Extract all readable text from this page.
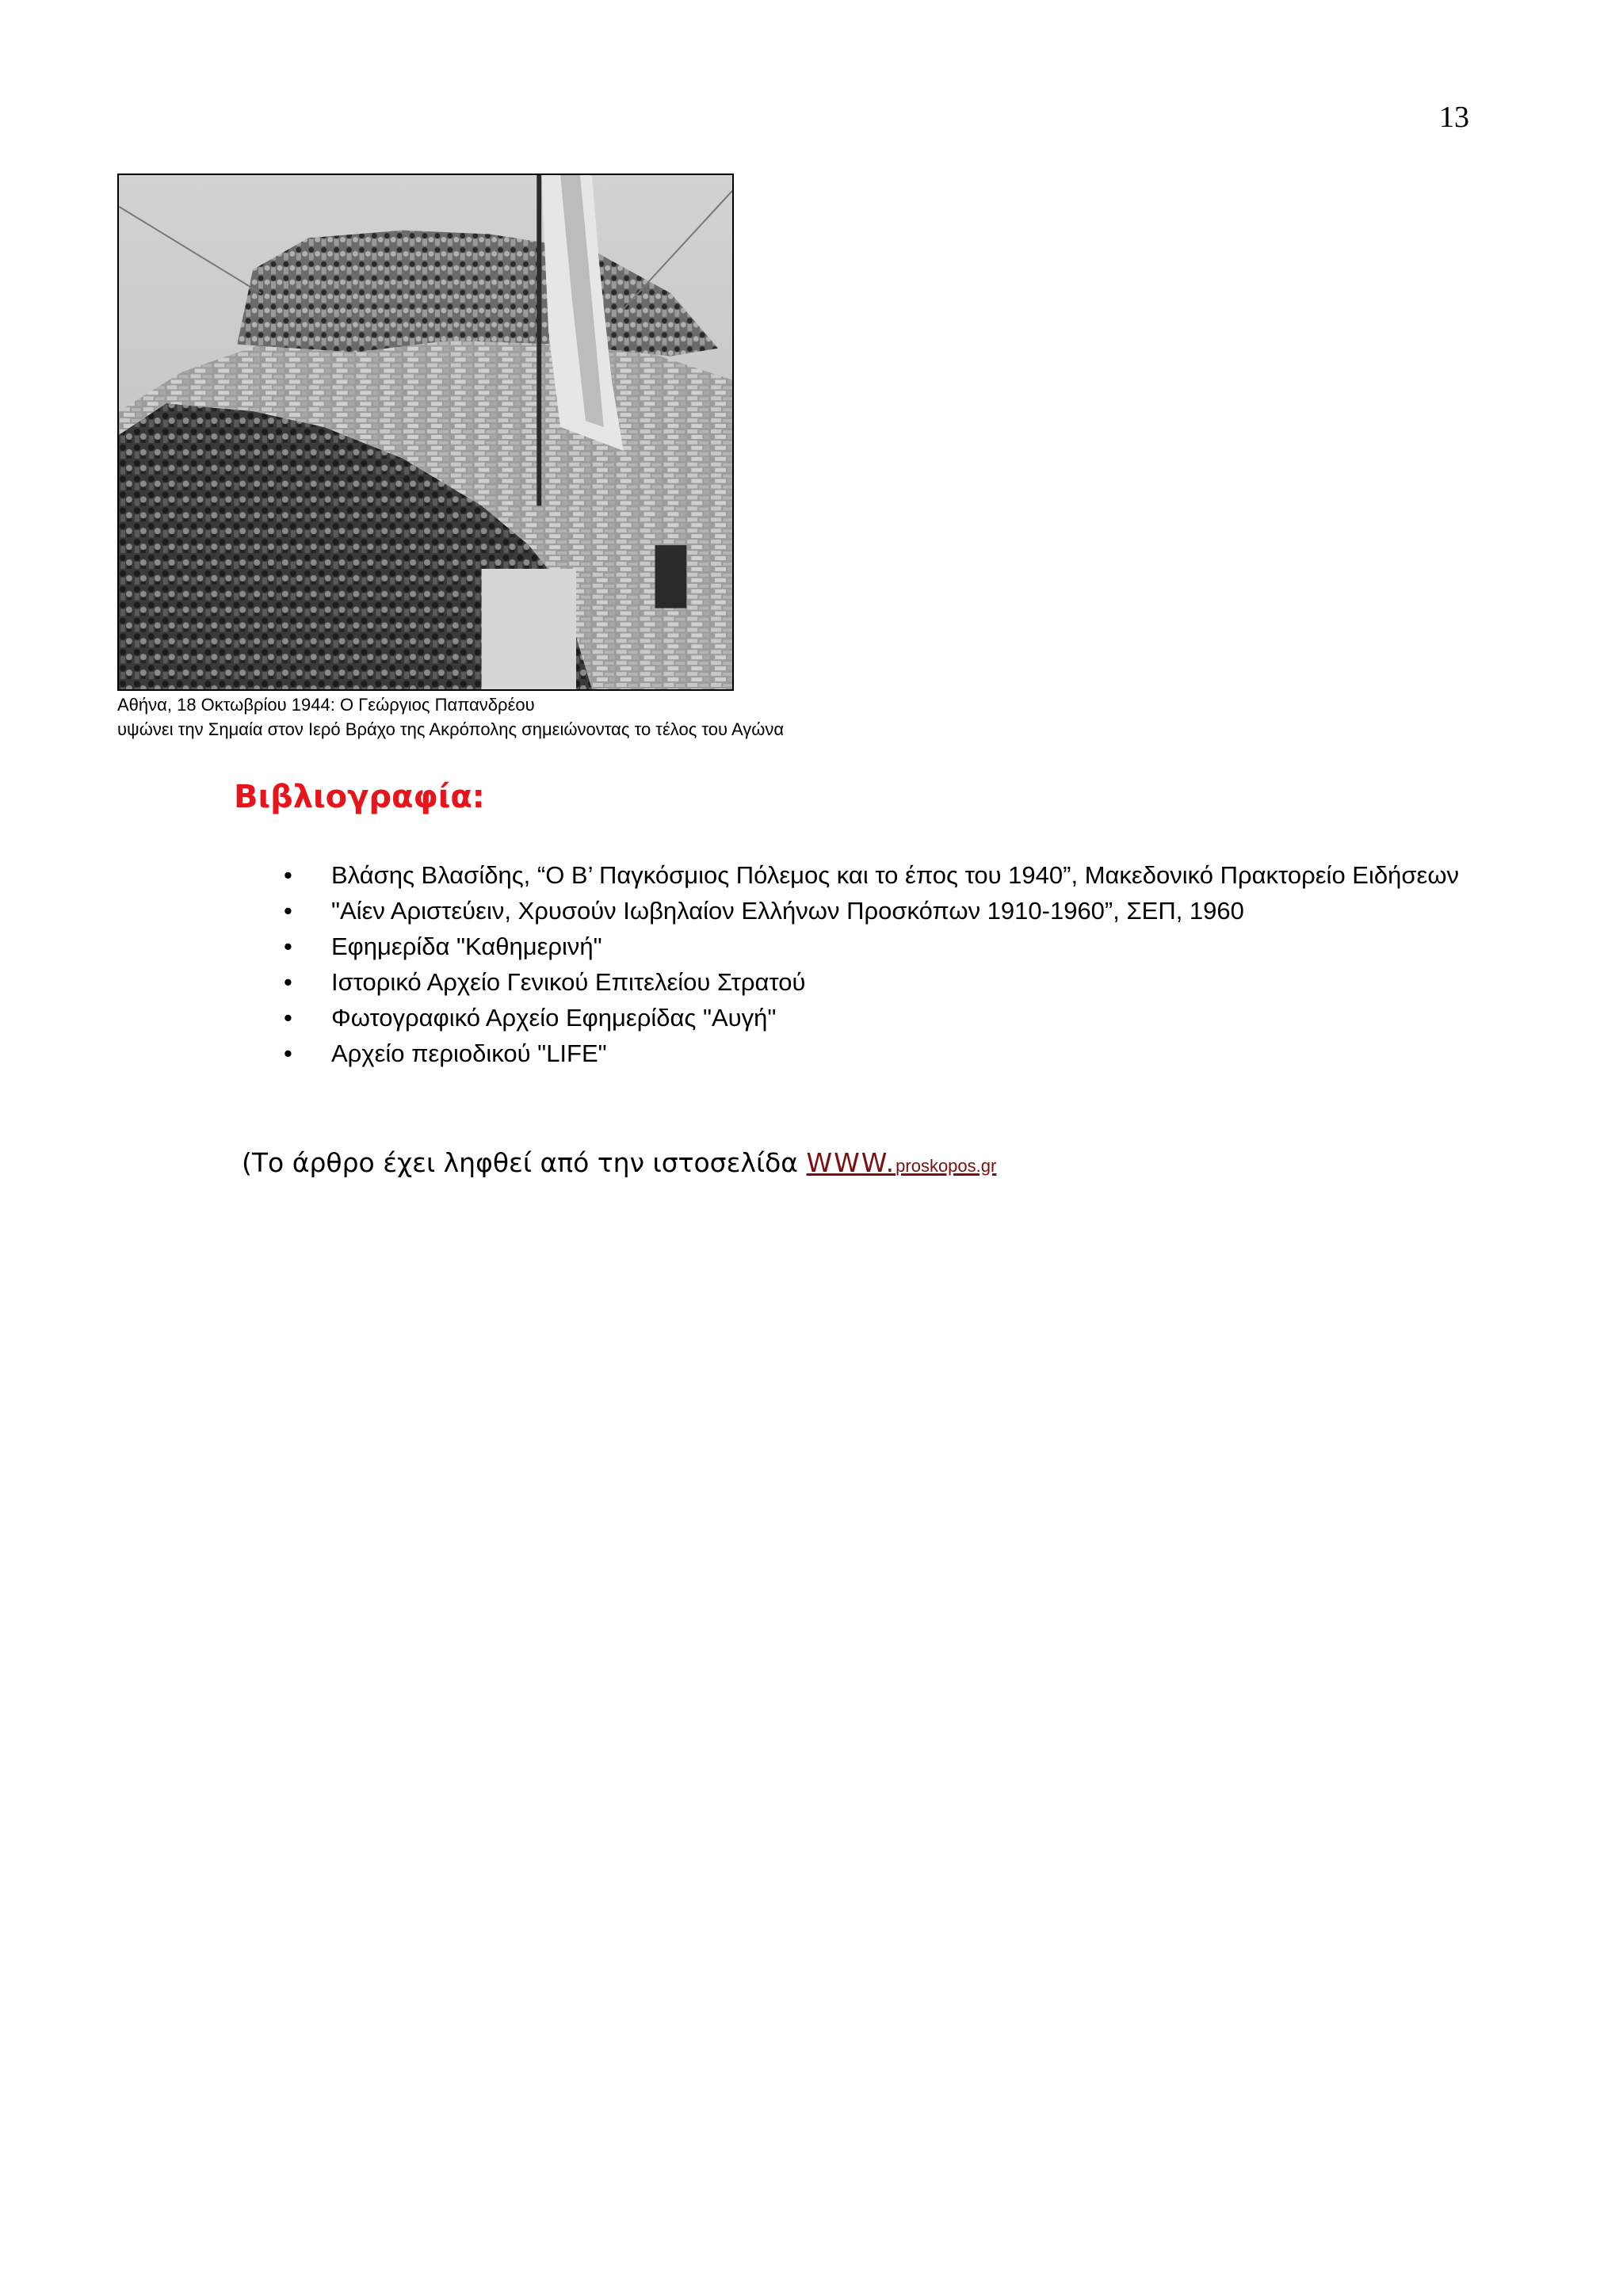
13
Αθήνα, 18 Οκτωβρίου 1944: Ο Γεώργιος Παπανδρέου
υψώνει την Σημαία στον Ιερό Βράχο της Ακρόπολης σημειώνοντας το τέλος του Αγώνα
Βιβλιογραφία:
•	Βλάσης Βλασίδης, “Ο Β’ Παγκόσμιος Πόλεμος και το έπος του 1940”, Μακεδονικό Πρακτορείο Ειδήσεων
•	"Αίεν Αριστεύειν, Χρυσούν Ιωβηλαίον Ελλήνων Προσκόπων 1910-1960”, ΣΕΠ, 1960
•	Εφημερίδα "Καθημερινή"
•	Ιστορικό Αρχείο Γενικού Επιτελείου Στρατού
•	Φωτογραφικό Αρχείο Εφημερίδας "Αυγή"
•	Αρχείο περιοδικού "LIFE"
(Το άρθρο έχει ληφθεί από την ιστοσελίδα WWW.proskopos.gr
